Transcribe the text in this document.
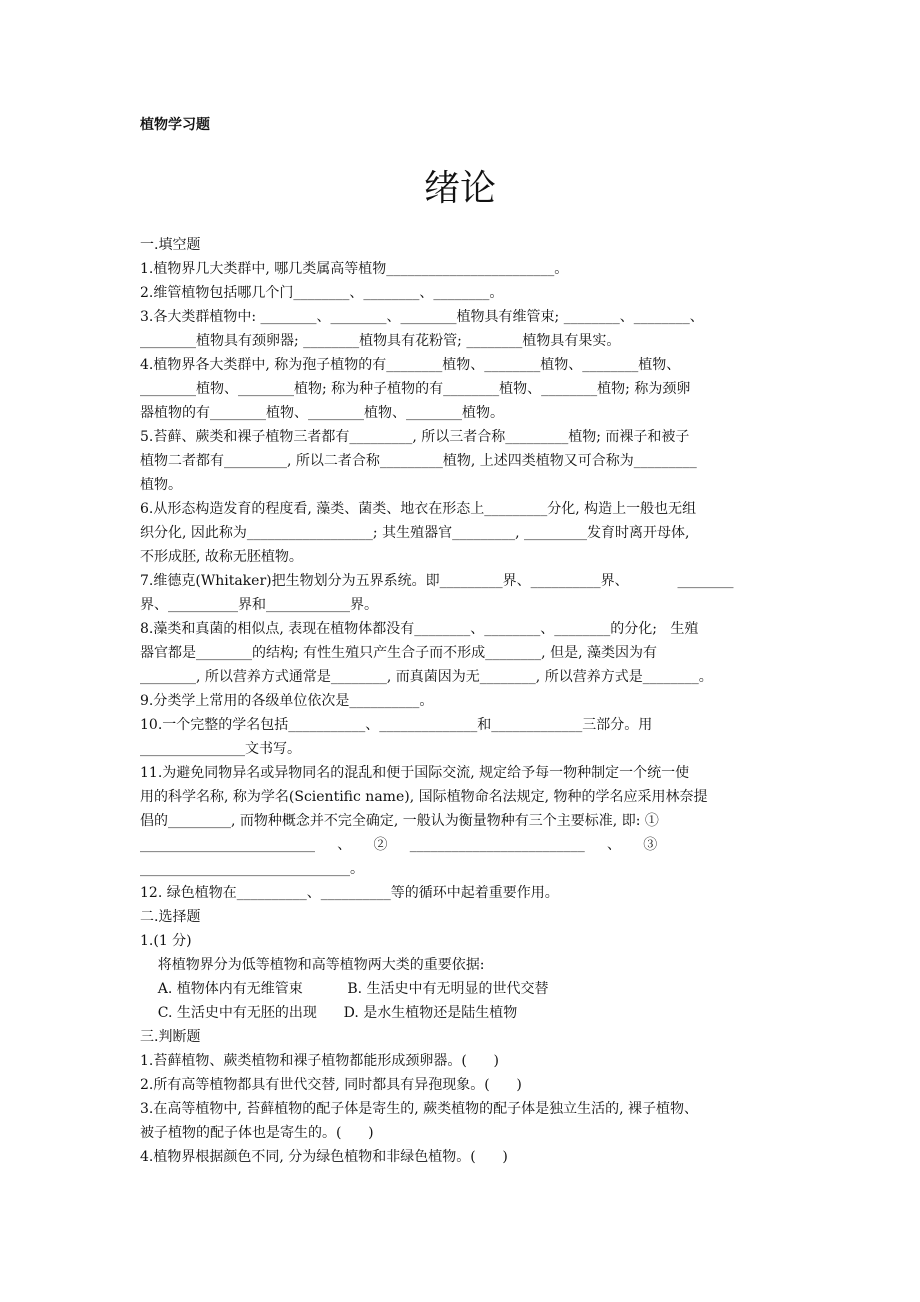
植物学习题
绪论
一.填空题
1.植物界几大类群中, 哪几类属高等植物________________________。
2.维管植物包括哪几个门________、________、________。
3.各大类群植物中: ________、________、________植物具有维管束; ________、________、
________植物具有颈卵器; ________植物具有花粉管; ________植物具有果实。
4.植物界各大类群中, 称为孢子植物的有________植物、________植物、________植物、
________植物、________植物; 称为种子植物的有________植物、________植物; 称为颈卵
器植物的有________植物、________植物、________植物。
5.苔藓、蕨类和裸子植物三者都有_________, 所以三者合称_________植物; 而裸子和被子
植物二者都有_________, 所以二者合称_________植物, 上述四类植物又可合称为_________
植物。
6.从形态构造发育的程度看, 藻类、菌类、地衣在形态上_________分化, 构造上一般也无组
织分化, 因此称为__________________; 其生殖器官_________, _________发育时离开母体,
不形成胚, 故称无胚植物。
7.维德克(Whitaker)把生物划分为五界系统。即_________界、__________界、           ________
界、__________界和____________界。
8.藻类和真菌的相似点, 表现在植物体都没有________、________、________的分化;   生殖
器官都是________的结构; 有性生殖只产生合子而不形成________, 但是, 藻类因为有
________, 所以营养方式通常是________, 而真菌因为无________, 所以营养方式是________。
9.分类学上常用的各级单位依次是__________。
10.一个完整的学名包括___________、______________和_____________三部分。用
_______________文书写。
11.为避免同物异名或异物同名的混乱和便于国际交流, 规定给予每一物种制定一个统一使
用的科学名称, 称为学名(Scientific name), 国际植物命名法规定, 物种的学名应采用林奈提
倡的_________, 而物种概念并不完全确定, 一般认为衡量物种有三个主要标准, 即: ①
_________________________     、     ②     _________________________     、     ③
______________________________。
12. 绿色植物在__________、__________等的循环中起着重要作用。
二.选择题
1.(1 分)
将植物界分为低等植物和高等植物两大类的重要依据:
A. 植物体内有无维管束          B. 生活史中有无明显的世代交替
C. 生活史中有无胚的出现      D. 是水生植物还是陆生植物
三.判断题
1.苔藓植物、蕨类植物和裸子植物都能形成颈卵器。(      )
2.所有高等植物都具有世代交替, 同时都具有异孢现象。(      )
3.在高等植物中, 苔藓植物的配子体是寄生的, 蕨类植物的配子体是独立生活的, 裸子植物、
被子植物的配子体也是寄生的。(      )
4.植物界根据颜色不同, 分为绿色植物和非绿色植物。(      )
